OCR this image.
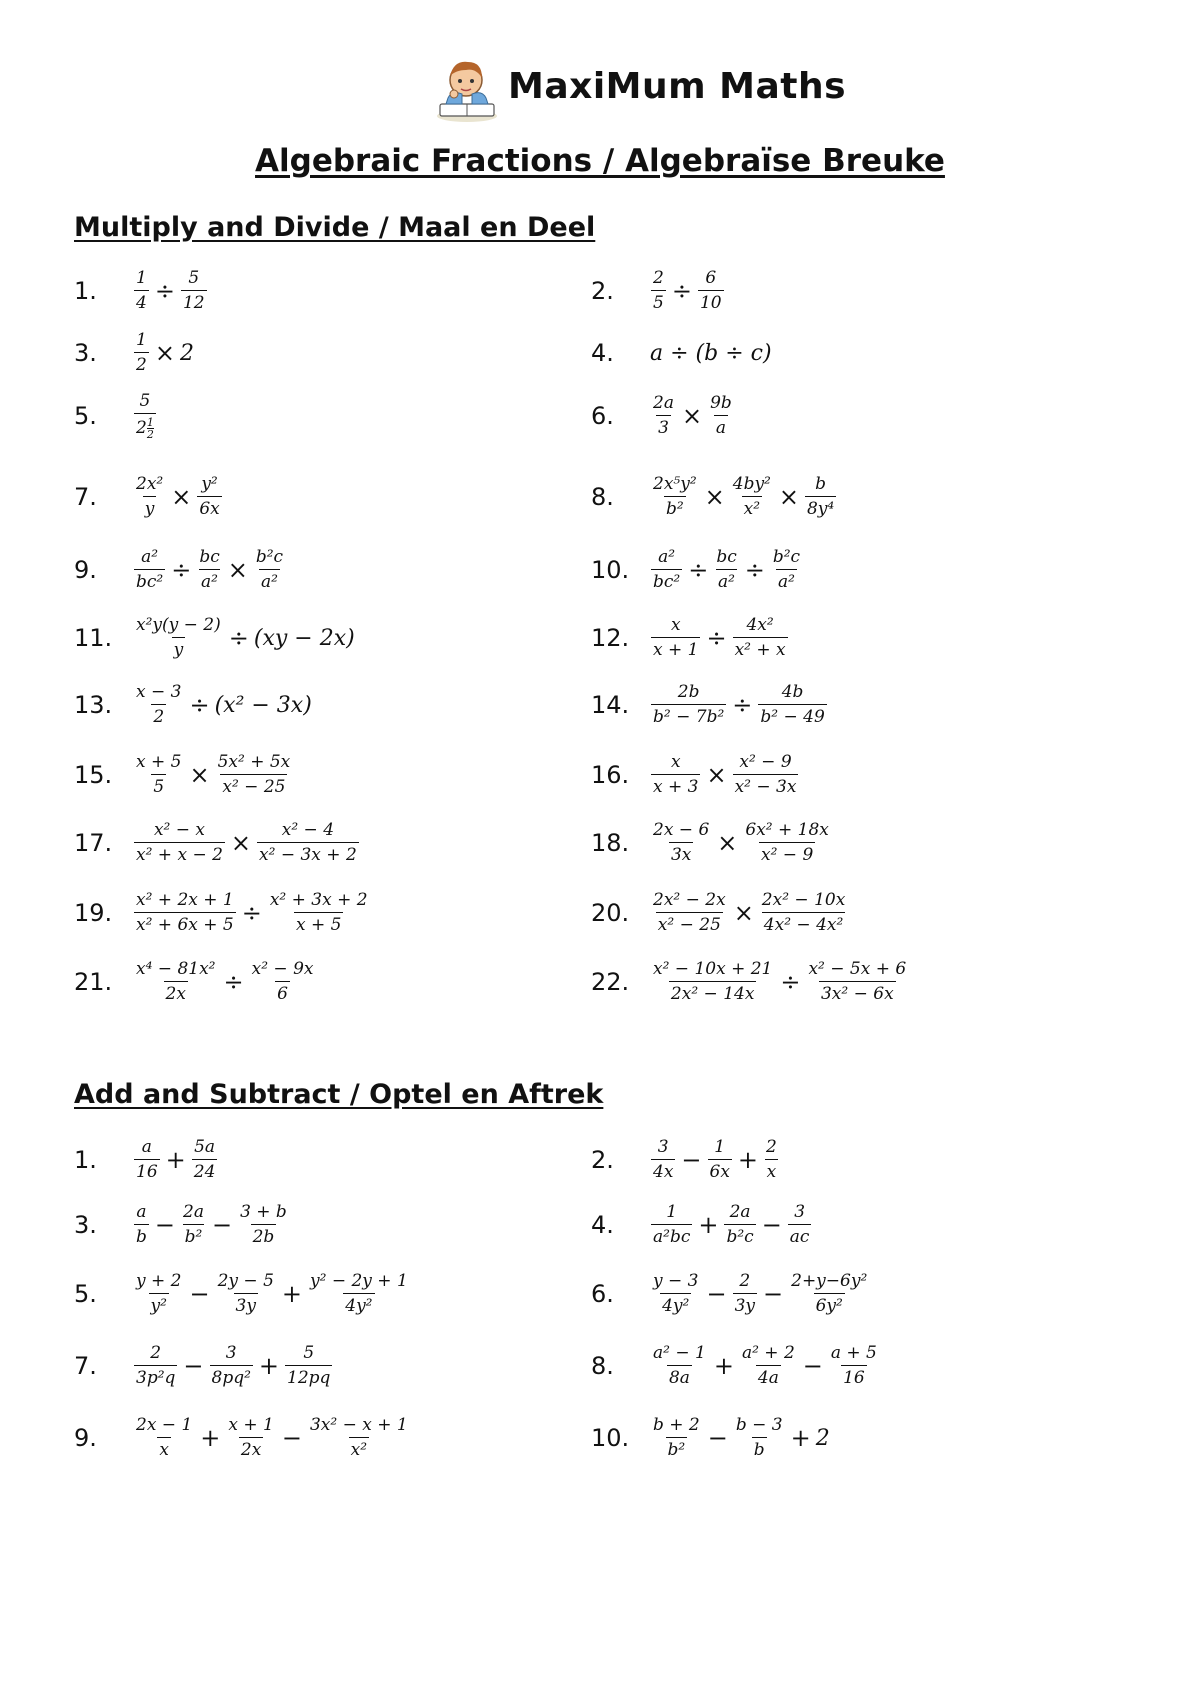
MaxiMum Maths
Algebraic Fractions / Algebraïse Breuke
Multiply and Divide / Maal en Deel
Add and Subtract / Optel en Aftrek
1.	$\frac{1}{4} \div \frac{5}{12}$	2.	$\frac{2}{5} \div \frac{6}{10}$
3.	$\frac{1}{2} \times 2$	4.	a ÷ (b ÷ c)
5.	$\frac{5}{2 \frac{1}{2}}$	6.	$\frac{2a}{3} \times \frac{9b}{a}$
7.	$\frac{\text{2x²}}{y} \times \frac{\text{y²}}{6x}$	8.	$\frac{\text{2x⁵y²}}{\text{b²}} \times \frac{\text{4by²}}{\text{x²}} \times \frac{b}{\text{8y⁴}}$
9.	$\frac{\text{a²}}{\text{bc²}} \div \frac{bc}{\text{a²}} \times \frac{\text{b²c}}{\text{a²}}$	10.	$\frac{\text{a²}}{\text{bc²}} \div \frac{bc}{\text{a²}} \div \frac{\text{b²c}}{\text{a²}}$
11.	$\frac{\text{x²y(y − 2)}}{y} \div (xy - 2x)$	12.	$\frac{x}{x + 1} \div \frac{\text{4x²}}{\text{x² + x}}$
13.	$\frac{x - 3}{2} \div (x^2 - 3x)$	14.	$\frac{2b}{\text{b² − 7b²}} \div \frac{4b}{\text{b² − 49}}$
15.	$\frac{x + 5}{5} \times \frac{\text{5x² + 5x}}{\text{x² − 25}}$	16.	$\frac{x}{x + 3} \times \frac{\text{x² − 9}}{\text{x² − 3x}}$
17.	$\frac{\text{x² − x}}{\text{x² + x − 2}} \times \frac{\text{x² − 4}}{\text{x² − 3x + 2}}$	18.	$\frac{2x - 6}{3x} \times \frac{\text{6x² + 18x}}{\text{x² − 9}}$
19.	$\frac{\text{x² + 2x + 1}}{\text{x² + 6x + 5}} \div \frac{\text{x² + 3x + 2}}{x + 5}$	20.	$\frac{\text{2x² − 2x}}{\text{x² − 25}} \times \frac{\text{2x² − 10x}}{\text{4x² − 4x²}}$
21.	$\frac{\text{x⁴ − 81x²}}{2x} \div \frac{\text{x² − 9x}}{6}$	22.	$\frac{\text{x² − 10x + 21}}{\text{2x² − 14x}} \div \frac{\text{x² − 5x + 6}}{\text{3x² − 6x}}$
1.	$\frac{a}{16} + \frac{5a}{24}$	2.	$\frac{3}{4x} - \frac{1}{6x} + \frac{2}{x}$
3.	$\frac{a}{b} - \frac{2a}{\text{b²}} - \frac{3 + b}{2b}$	4.	$\frac{1}{\text{a²bc}} + \frac{2a}{\text{b²c}} - \frac{3}{ac}$
5.	$\frac{y + 2}{\text{y²}} - \frac{2y - 5}{3y} + \frac{\text{y² − 2y + 1}}{\text{4y²}}$	6.	$\frac{y - 3}{\text{4y²}} - \frac{2}{3y} - \frac{\text{2+y−6y²}}{\text{6y²}}$
7.	$\frac{2}{\text{3p²q}} - \frac{3}{\text{8pq²}} + \frac{5}{12pq}$	8.	$\frac{\text{a² − 1}}{8a} + \frac{\text{a² + 2}}{4a} - \frac{a + 5}{16}$
9.	$\frac{2x - 1}{x} + \frac{x + 1}{2x} - \frac{\text{3x² − x + 1}}{\text{x²}}$	10.	$\frac{b + 2}{\text{b²}} - \frac{b - 3}{b} + 2$
